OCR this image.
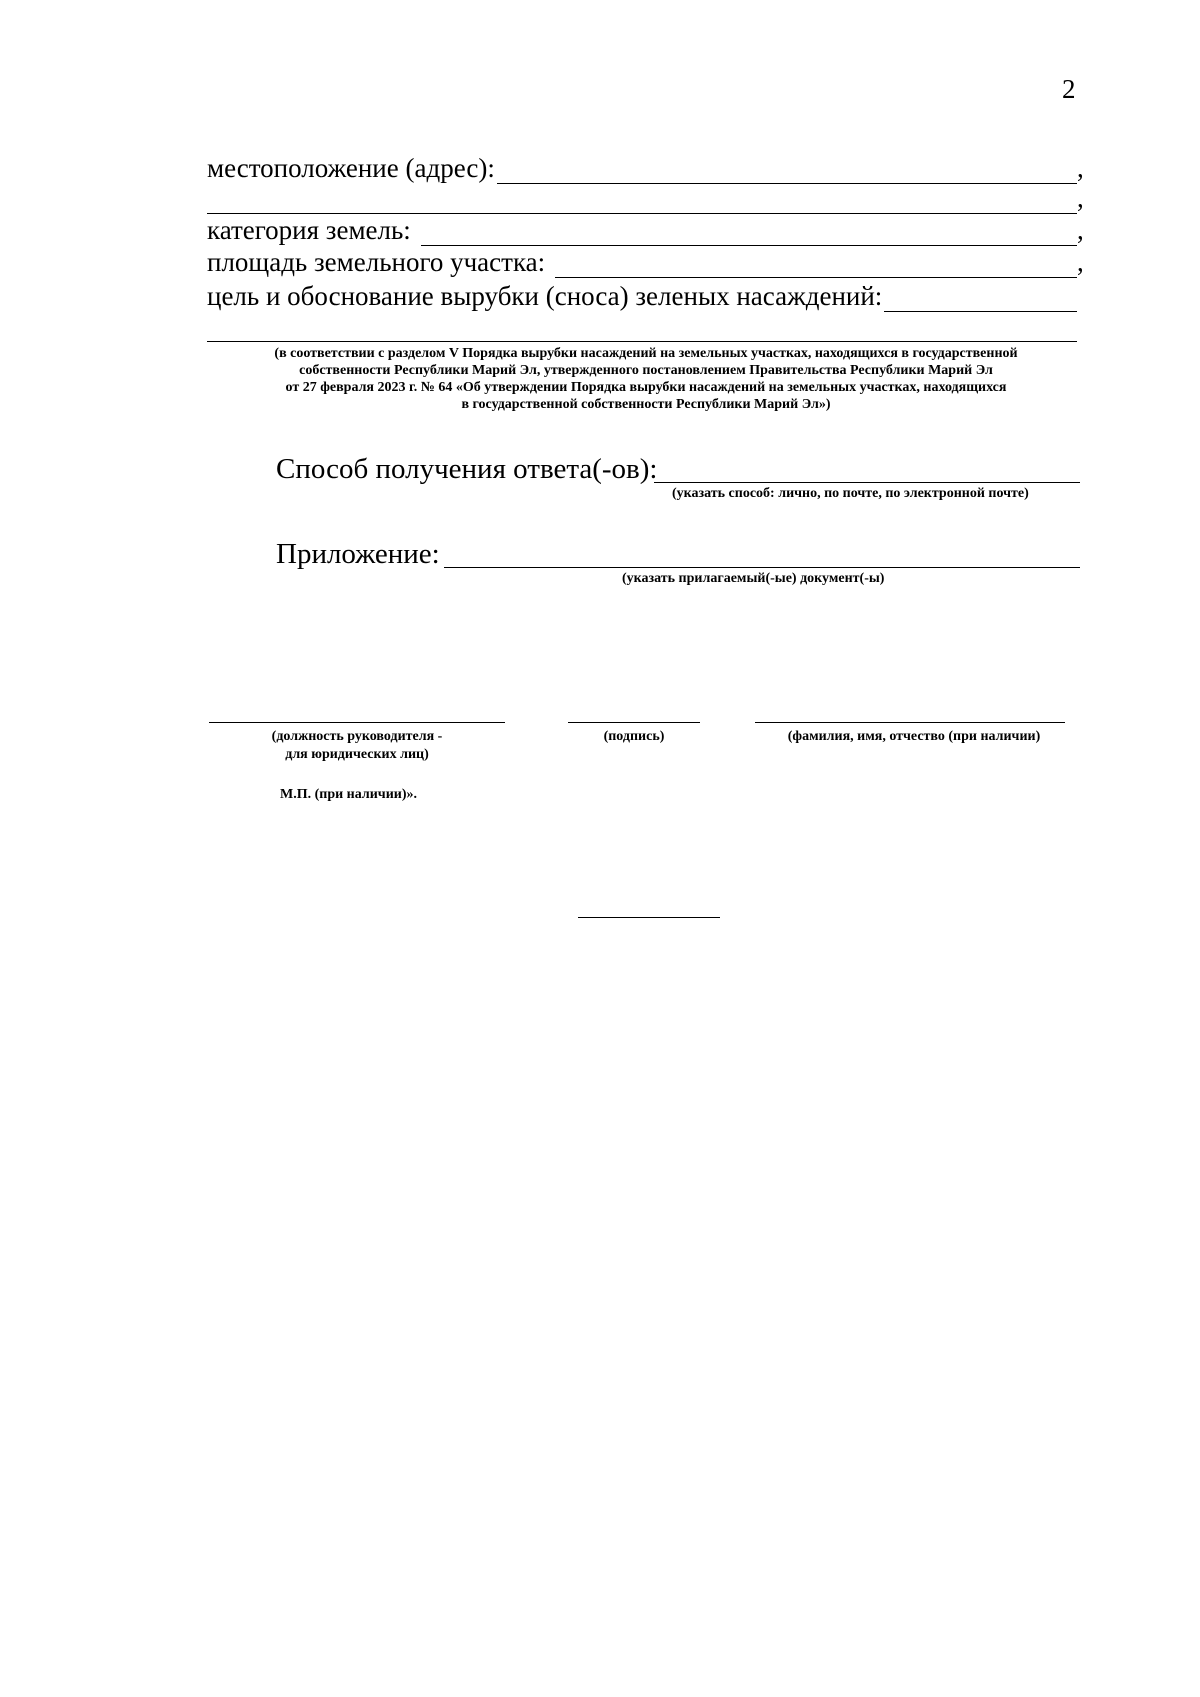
2
местоположение (адрес):	,
,
категория земель:	,
площадь земельного участка:	,
цель и обоснование вырубки (сноса) зеленых насаждений:
(в соответствии с разделом V Порядка вырубки насаждений на земельных участках, находящихся в государственной
собственности Республики Марий Эл, утвержденного постановлением Правительства Республики Марий Эл
от 27 февраля 2023 г. № 64 «Об утверждении Порядка вырубки насаждений на земельных участках, находящихся
в государственной собственности Республики Марий Эл»)
Способ получения ответа(-ов):
(указать способ: лично, по почте, по электронной почте)
Приложение:
(указать прилагаемый(-ые) документ(-ы)
(должность руководителя -
для юридических лиц)
(подпись)	(фамилия, имя, отчество (при наличии)
М.П. (при наличии)».
